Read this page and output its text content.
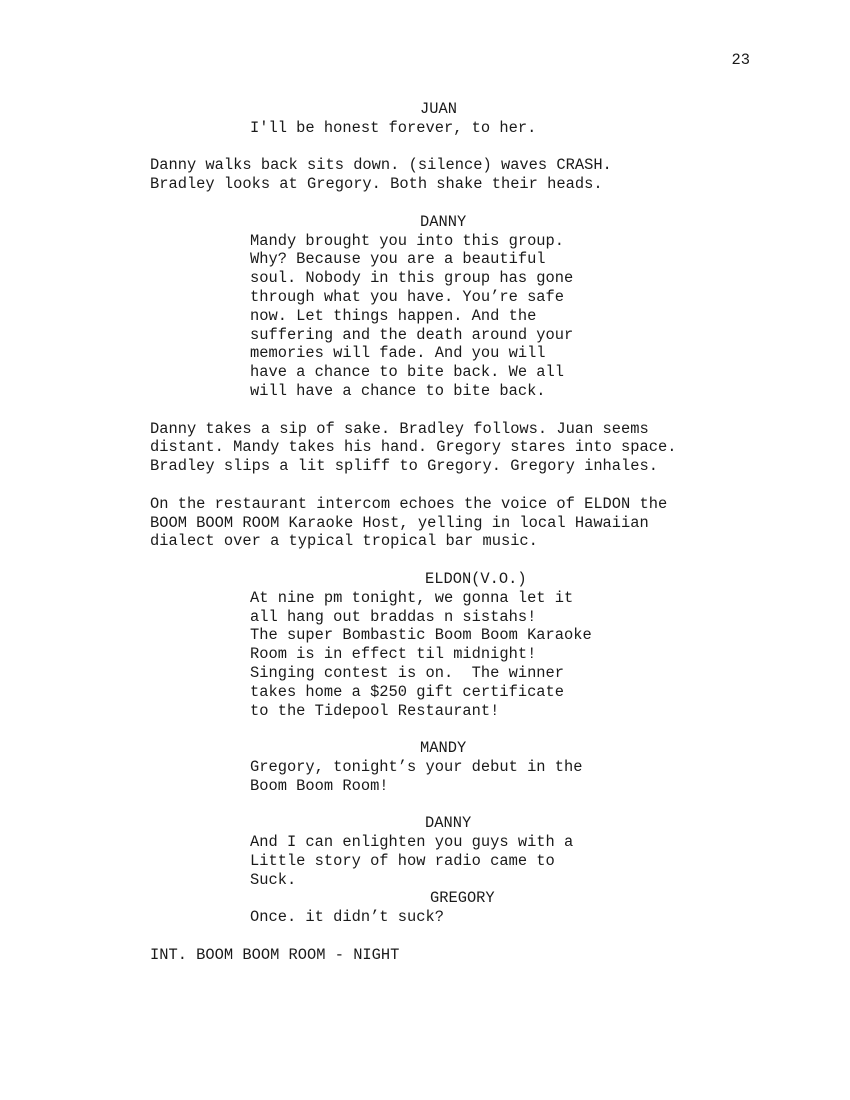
23
JUAN
I'll be honest forever, to her.
Danny walks back sits down. (silence) waves CRASH.
Bradley looks at Gregory. Both shake their heads.
DANNY
Mandy brought you into this group.
Why? Because you are a beautiful
soul. Nobody in this group has gone
through what you have. You’re safe
now. Let things happen. And the
suffering and the death around your
memories will fade. And you will
have a chance to bite back. We all
will have a chance to bite back.
Danny takes a sip of sake. Bradley follows. Juan seems
distant. Mandy takes his hand. Gregory stares into space.
Bradley slips a lit spliff to Gregory. Gregory inhales.
On the restaurant intercom echoes the voice of ELDON the
BOOM BOOM ROOM Karaoke Host, yelling in local Hawaiian
dialect over a typical tropical bar music.
ELDON(V.O.)
At nine pm tonight, we gonna let it
all hang out braddas n sistahs!
The super Bombastic Boom Boom Karaoke
Room is in effect til midnight!
Singing contest is on.  The winner
takes home a $250 gift certificate
to the Tidepool Restaurant!
MANDY
Gregory, tonight’s your debut in the
Boom Boom Room!
DANNY
And I can enlighten you guys with a
Little story of how radio came to
Suck.
GREGORY
Once. it didn’t suck?
INT. BOOM BOOM ROOM - NIGHT
